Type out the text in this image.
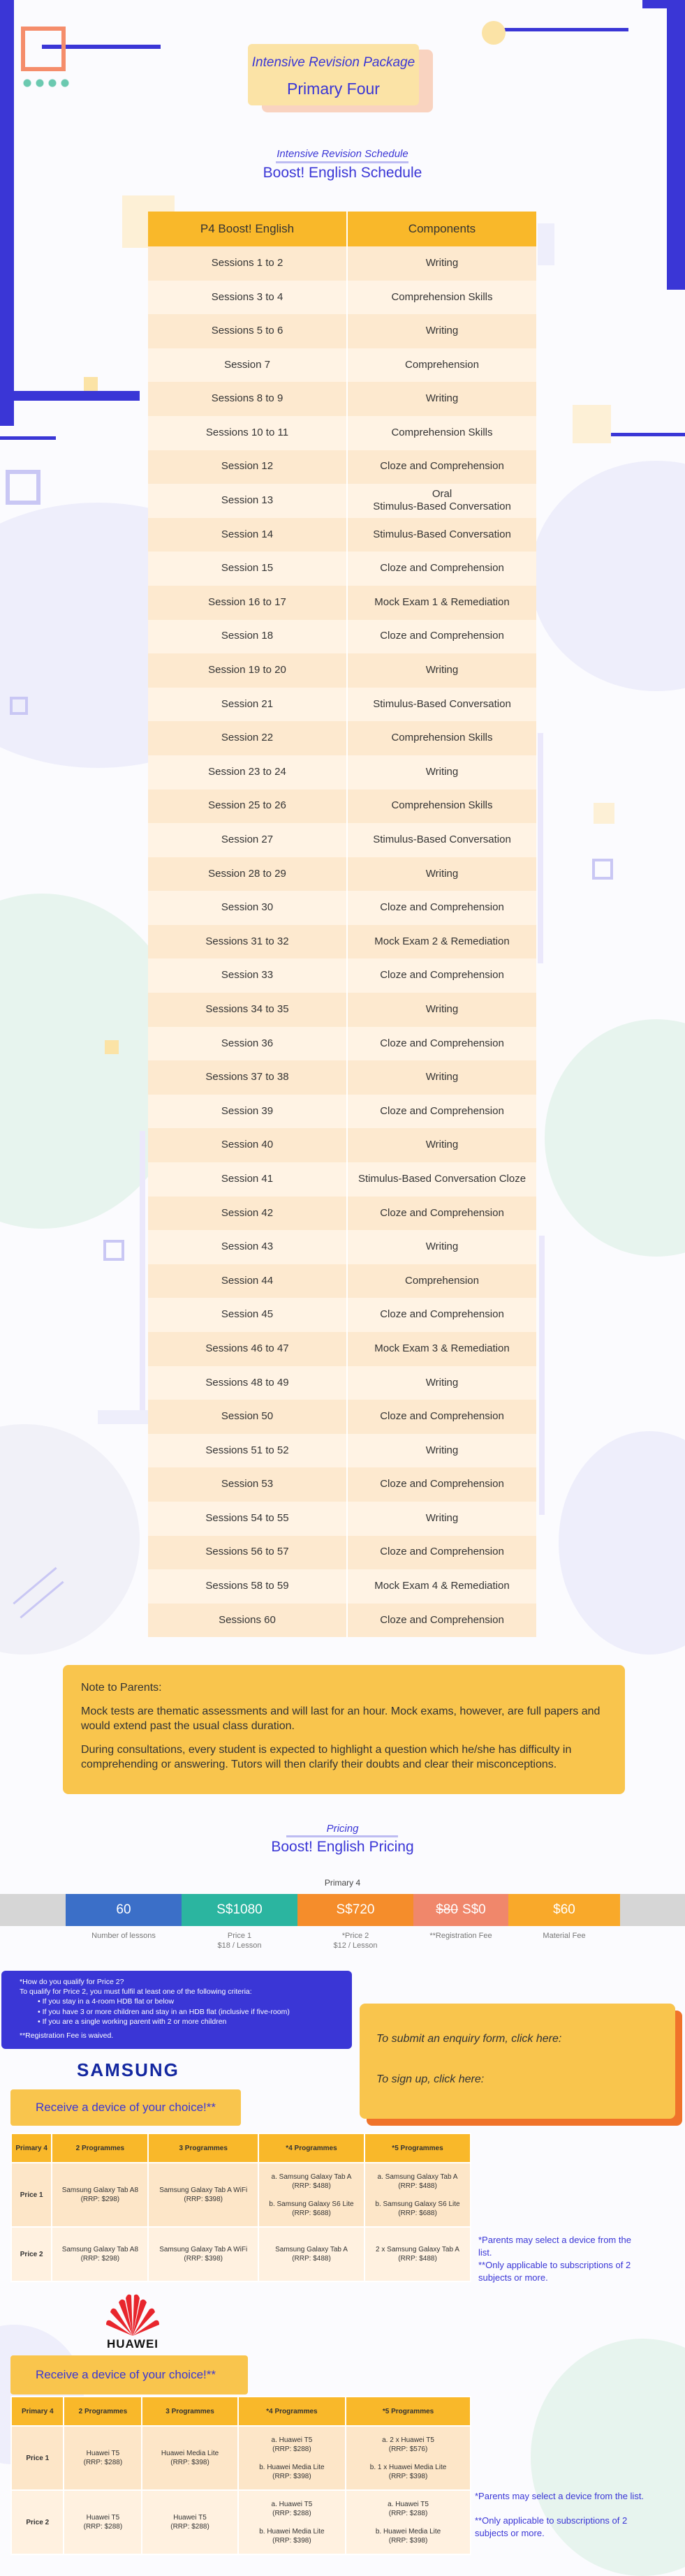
Intensive Revision Package
Primary Four
Intensive Revision Schedule
Boost! English Schedule
P4 Boost! English	Components
Sessions 1 to 2	Writing
Sessions 3 to 4	Comprehension Skills
Sessions 5 to 6	Writing
Session 7	Comprehension
Sessions 8 to 9	Writing
Sessions 10 to 11	Comprehension Skills
Session 12	Cloze and Comprehension
Session 13	Oral
Stimulus-Based Conversation
Session 14	Stimulus-Based Conversation
Session 15	Cloze and Comprehension
Session 16 to 17	Mock Exam 1 & Remediation
Session 18	Cloze and Comprehension
Session 19 to 20	Writing
Session 21	Stimulus-Based Conversation
Session 22	Comprehension Skills
Session 23 to 24	Writing
Session 25 to 26	Comprehension Skills
Session 27	Stimulus-Based Conversation
Session 28 to 29	Writing
Session 30	Cloze and Comprehension
Sessions 31 to 32	Mock Exam 2 & Remediation
Session 33	Cloze and Comprehension
Sessions 34 to 35	Writing
Session 36	Cloze and Comprehension
Sessions 37 to 38	Writing
Session 39	Cloze and Comprehension
Session 40	Writing
Session 41	Stimulus-Based Conversation Cloze
Session 42	Cloze and Comprehension
Session 43	Writing
Session 44	Comprehension
Session 45	Cloze and Comprehension
Sessions 46 to 47	Mock Exam 3 & Remediation
Sessions 48 to 49	Writing
Session 50	Cloze and Comprehension
Sessions 51 to 52	Writing
Session 53	Cloze and Comprehension
Sessions 54 to 55	Writing
Sessions 56 to 57	Cloze and Comprehension
Sessions 58 to 59	Mock Exam 4 & Remediation
Sessions 60	Cloze and Comprehension

Note to Parents:

Mock tests are thematic assessments and will last for an hour. Mock exams, however, are full papers and would extend past the usual class duration.

During consultations, every student is expected to highlight a question which he/she has difficulty in comprehending or answering. Tutors will then clarify their doubts and clear their misconceptions.

Pricing
Boost! English Pricing
Primary 4
60
Number of lessons
S$1080
Price 1
$18 / Lesson
S$720
*Price 2
$12 / Lesson
$80 S$0
**Registration Fee
$60
Material Fee
*How do you qualify for Price 2?
To qualify for Price 2, you must fulfil at least one of the following criteria:
• If you stay in a 4-room HDB flat or below
• If you have 3 or more children and stay in an HDB flat (inclusive if five-room)
• If you are a single working parent with 2 or more children
**Registration Fee is waived.	To submit an enquiry form, click here:
To sign up, click here:
SAMSUNG
Receive a device of your choice!**
Primary 4	2 Programmes	3 Programmes	*4 Programmes	*5 Programmes
Price 1	Samsung Galaxy Tab A8
(RRP: $298)	Samsung Galaxy Tab A WiFi
(RRP: $398)	a. Samsung Galaxy Tab A
(RRP: $488)

b. Samsung Galaxy S6 Lite
(RRP: $688)	a. Samsung Galaxy Tab A
(RRP: $488)

b. Samsung Galaxy S6 Lite
(RRP: $688)
Price 2	Samsung Galaxy Tab A8
(RRP: $298)	Samsung Galaxy Tab A WiFi
(RRP: $398)	Samsung Galaxy Tab A
(RRP: $488)	2 x Samsung Galaxy Tab A
(RRP: $488)
*Parents may select a device from the list.
**Only applicable to subscriptions of 2 subjects or more.
HUAWEI
Receive a device of your choice!**
Primary 4	2 Programmes	3 Programmes	*4 Programmes	*5 Programmes
Price 1	Huawei T5
(RRP: $288)	Huawei Media Lite
(RRP: $398)	a. Huawei T5
(RRP: $288)

b. Huawei Media Lite
(RRP: $398)	a. 2 x Huawei T5
(RRP: $576)

b. 1 x Huawei Media Lite
(RRP: $398)
Price 2	Huawei T5
(RRP: $288)	Huawei T5
(RRP: $288)	a. Huawei T5
(RRP: $288)

b. Huawei Media Lite
(RRP: $398)	a. Huawei T5
(RRP: $288)

b. Huawei Media Lite
(RRP: $398)
*Parents may select a device from the list.
**Only applicable to subscriptions of 2 subjects or more.
